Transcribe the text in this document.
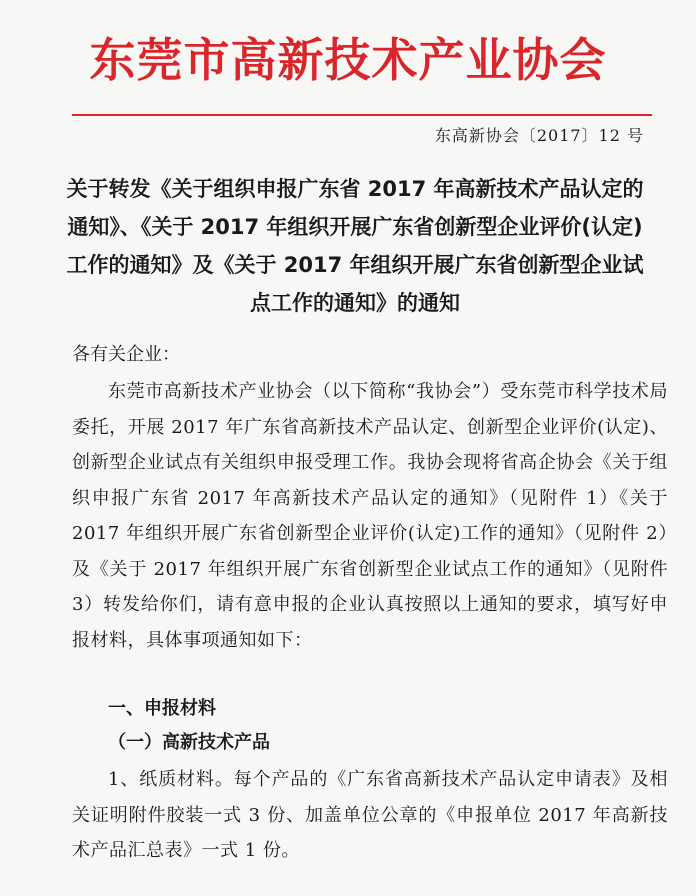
东莞市高新技术产业协会
东高新协会〔2017〕12 号
关于转发《关于组织申报广东省 2017 年高新技术产品认定的通知》、《关于 2017 年组织开展广东省创新型企业评价(认定)工作的通知》及《关于 2017 年组织开展广东省创新型企业试点工作的通知》的通知
各有关企业：
东莞市高新技术产业协会（以下简称“我协会”）受东莞市科学技术局委托，开展 2017 年广东省高新技术产品认定、创新型企业评价(认定)、创新型企业试点有关组织申报受理工作。我协会现将省高企协会《关于组织申报广东省 2017 年高新技术产品认定的通知》（见附件 1）《关于 2017 年组织开展广东省创新型企业评价(认定)工作的通知》（见附件 2）及《关于 2017 年组织开展广东省创新型企业试点工作的通知》（见附件 3）转发给你们，请有意申报的企业认真按照以上通知的要求，填写好申报材料，具体事项通知如下：
一、申报材料
（一）高新技术产品
1、纸质材料。每个产品的《广东省高新技术产品认定申请表》及相关证明附件胶装一式 3 份、加盖单位公章的《申报单位 2017 年高新技术产品汇总表》一式 1 份。
